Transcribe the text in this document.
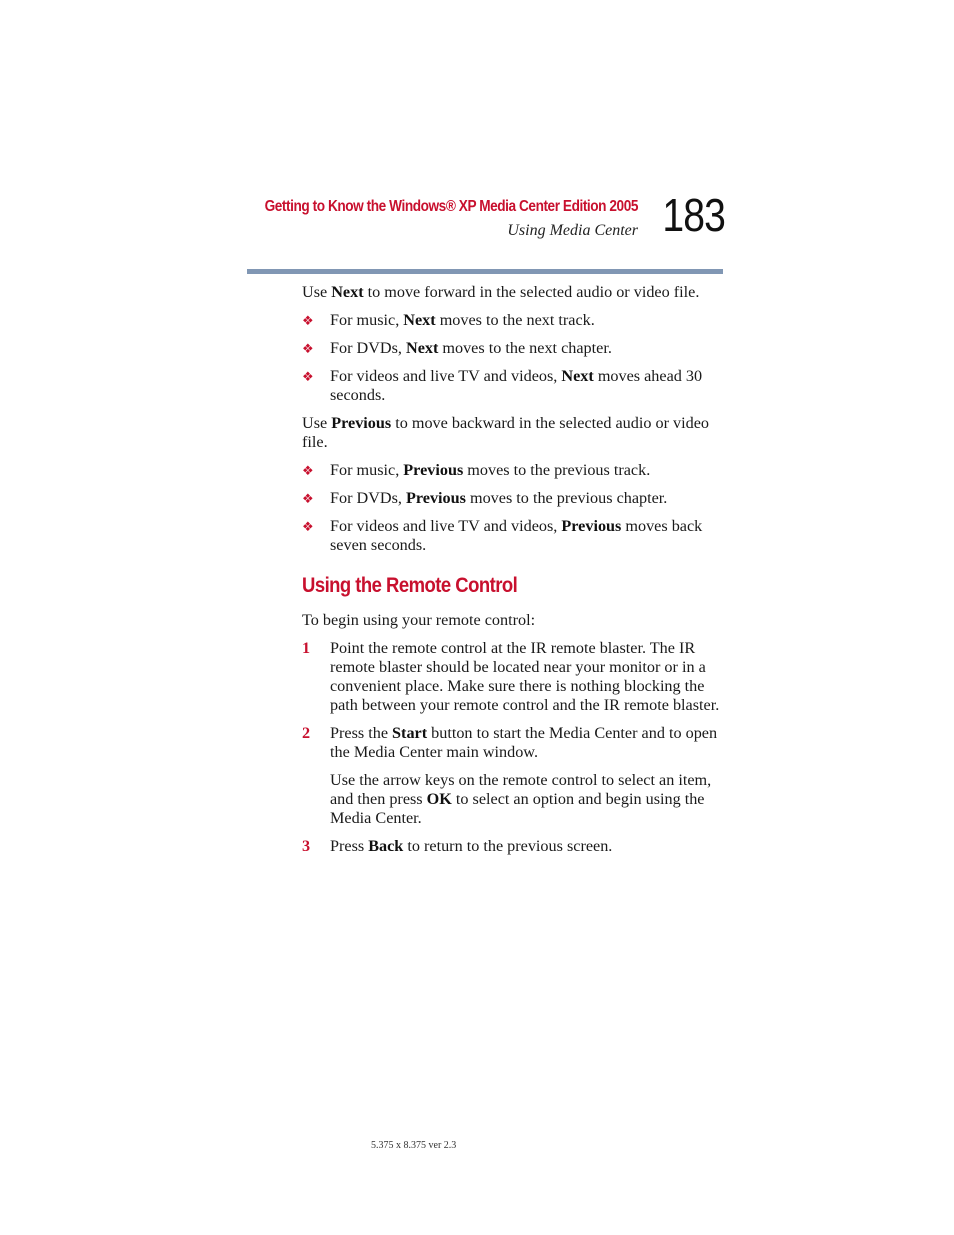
Getting to Know the Windows® XP Media Center Edition 2005
Using Media Center 183

Use Next to move forward in the selected audio or video file.

❖ For music, Next moves to the next track.
❖ For DVDs, Next moves to the next chapter.
❖ For videos and live TV and videos, Next moves ahead 30 seconds.

Use Previous to move backward in the selected audio or video file.

❖ For music, Previous moves to the previous track.
❖ For DVDs, Previous moves to the previous chapter.
❖ For videos and live TV and videos, Previous moves back seven seconds.
Using the Remote Control

To begin using your remote control:

1 Point the remote control at the IR remote blaster. The IR remote blaster should be located near your monitor or in a convenient place. Make sure there is nothing blocking the path between your remote control and the IR remote blaster.
2 Press the Start button to start the Media Center and to open the Media Center main window.

Use the arrow keys on the remote control to select an item, and then press OK to select an option and begin using the Media Center.

3 Press Back to return to the previous screen.
5.375 x 8.375 ver 2.3
